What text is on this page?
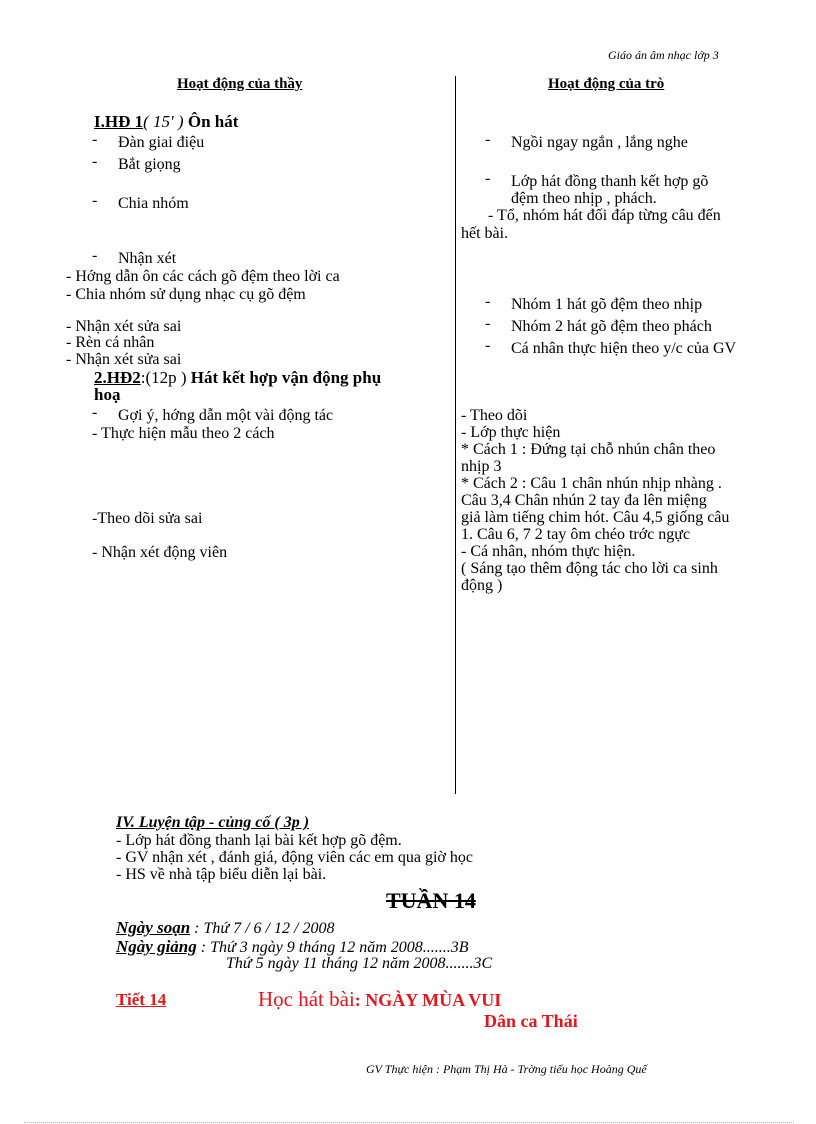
Giáo án âm nhạc lớp 3
Hoạt động của thầy	Hoạt động của trò
I.HĐ 1( 15' ) Ôn hát
- Đàn giai điệu
- Bắt giọng
- Chia nhóm
- Nhận xét
- Hớng dẫn ôn các cách gõ đệm theo lời ca
- Chia nhóm sử dụng nhạc cụ gõ đệm
- Nhận xét sửa sai
- Rèn cá nhân
- Nhận xét sửa sai
2.HĐ2:(12p ) Hát kết hợp vận động phụ
hoạ
- Gợi ý, hớng dẫn một vài động tác
- Thực hiện mẫu theo 2 cách
-Theo dõi sửa sai
- Nhận xét động viên
- Ngồi ngay ngắn , lắng nghe
- Lớp hát đồng thanh kết hợp gõ
đệm theo nhịp , phách.
- Tổ, nhóm hát đối đáp từng câu đến
hết bài.
- Nhóm 1 hát gõ đệm theo nhịp
- Nhóm 2 hát gõ đệm theo phách
- Cá nhân thực hiện theo y/c của GV
- Theo dõi
- Lớp thực hiện
* Cách 1 : Đứng tại chỗ nhún chân theo
nhịp 3
* Cách 2 : Câu 1 chân nhún nhịp nhàng .
Câu 3,4 Chân nhún 2 tay đa lên miệng
giả làm tiếng chim hót. Câu 4,5 giống câu
1. Câu 6, 7 2 tay ôm chéo trớc ngực
- Cá nhân, nhóm thực hiện.
( Sáng tạo thêm động tác cho lời ca sinh
động )
IV. Luyện tập - củng cố ( 3p )
- Lớp hát đồng thanh lại bài kết hợp gõ đệm.
- GV nhận xét , đánh giá, động viên các em qua giờ học
- HS về nhà tập biểu diễn lại bài.
TUẦN 14
Ngày soạn : Thứ 7 / 6 / 12 / 2008
Ngày giảng : Thứ 3 ngày 9 tháng 12 năm 2008.......3B
Thứ 5 ngày 11 tháng 12 năm 2008.......3C
Tiết 14	Học hát bài: NGÀY MÙA VUI
Dân ca Thái
GV Thực hiện : Phạm Thị Hà - Trờng tiểu học Hoàng Quế
